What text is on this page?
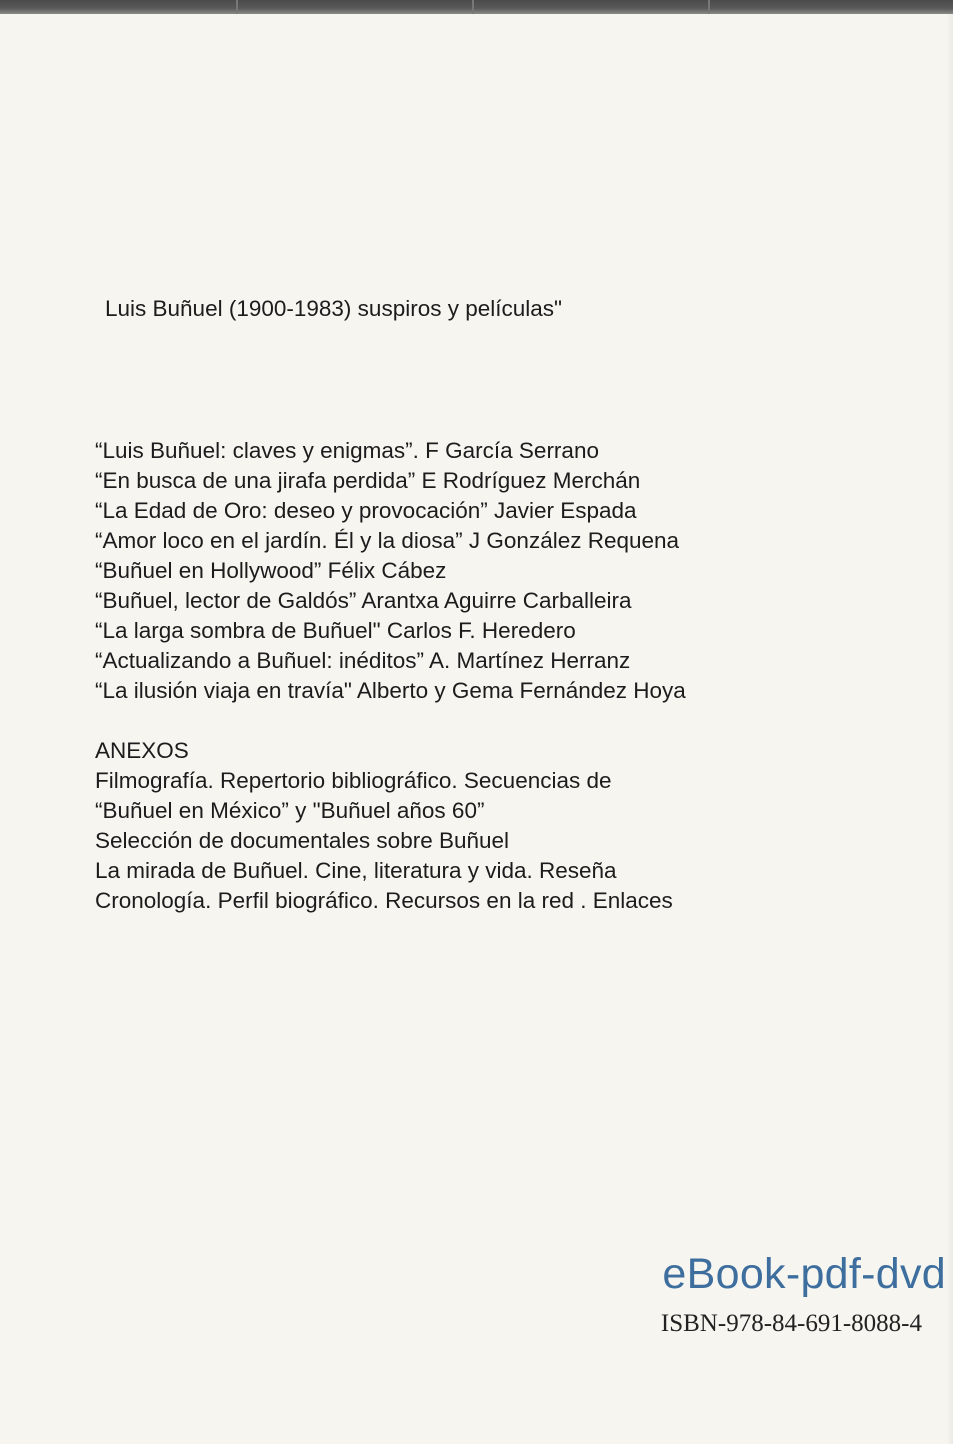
Luis Buñuel (1900-1983) suspiros y películas"
“Luis Buñuel: claves y enigmas”. F García Serrano
“En busca de una jirafa perdida” E Rodríguez Merchán
“La Edad de Oro: deseo y provocación” Javier Espada
“Amor loco en el jardín. Él y la diosa” J González Requena
“Buñuel en Hollywood” Félix Cábez
“Buñuel, lector de Galdós” Arantxa Aguirre Carballeira
“La larga sombra de Buñuel" Carlos F. Heredero
“Actualizando a Buñuel: inéditos” A. Martínez Herranz
“La ilusión viaja en travía" Alberto y Gema Fernández Hoya

ANEXOS

Filmografía. Repertorio bibliográfico. Secuencias de

“Buñuel en México” y "Buñuel años 60”

Selección de documentales sobre Buñuel

La mirada de Buñuel. Cine, literatura y vida. Reseña

Cronología. Perfil biográfico. Recursos en la red . Enlaces

eBook-pdf-dvd
ISBN-978-84-691-8088-4
